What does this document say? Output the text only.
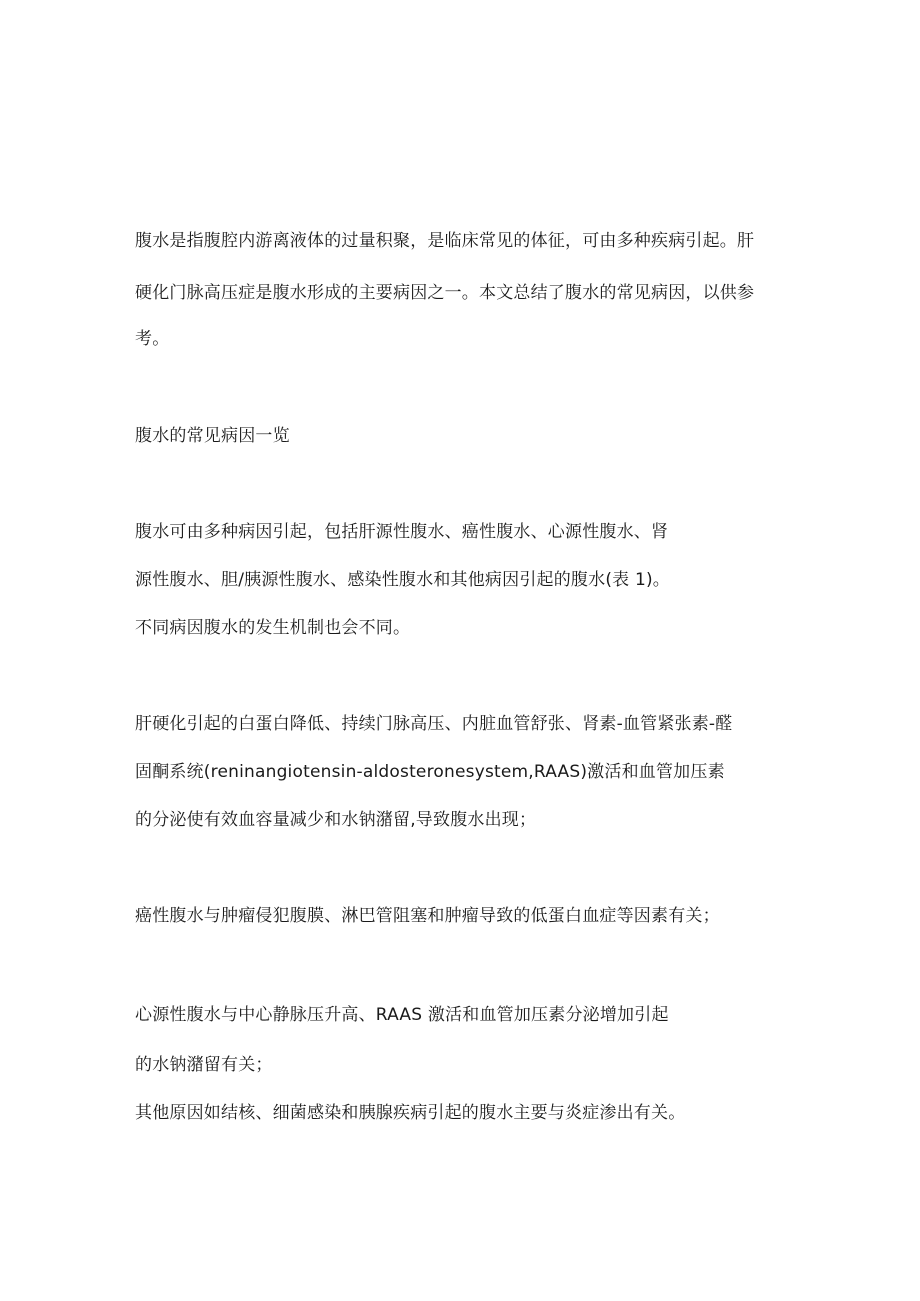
腹水是指腹腔内游离液体的过量积聚，是临床常见的体征，可由多种疾病引起。肝
硬化门脉高压症是腹水形成的主要病因之一。本文总结了腹水的常见病因，以供参
考。
腹水的常见病因一览
腹水可由多种病因引起，包括肝源性腹水、癌性腹水、心源性腹水、肾
源性腹水、胆/胰源性腹水、感染性腹水和其他病因引起的腹水(表 1)。
不同病因腹水的发生机制也会不同。
肝硬化引起的白蛋白降低、持续门脉高压、内脏血管舒张、肾素-血管紧张素-醛
固酮系统(reninangiotensin-aldosteronesystem,RAAS)激活和血管加压素
的分泌使有效血容量减少和水钠潴留,导致腹水出现；
癌性腹水与肿瘤侵犯腹膜、淋巴管阻塞和肿瘤导致的低蛋白血症等因素有关；
心源性腹水与中心静脉压升高、RAAS 激活和血管加压素分泌增加引起
的水钠潴留有关；
其他原因如结核、细菌感染和胰腺疾病引起的腹水主要与炎症渗出有关。
